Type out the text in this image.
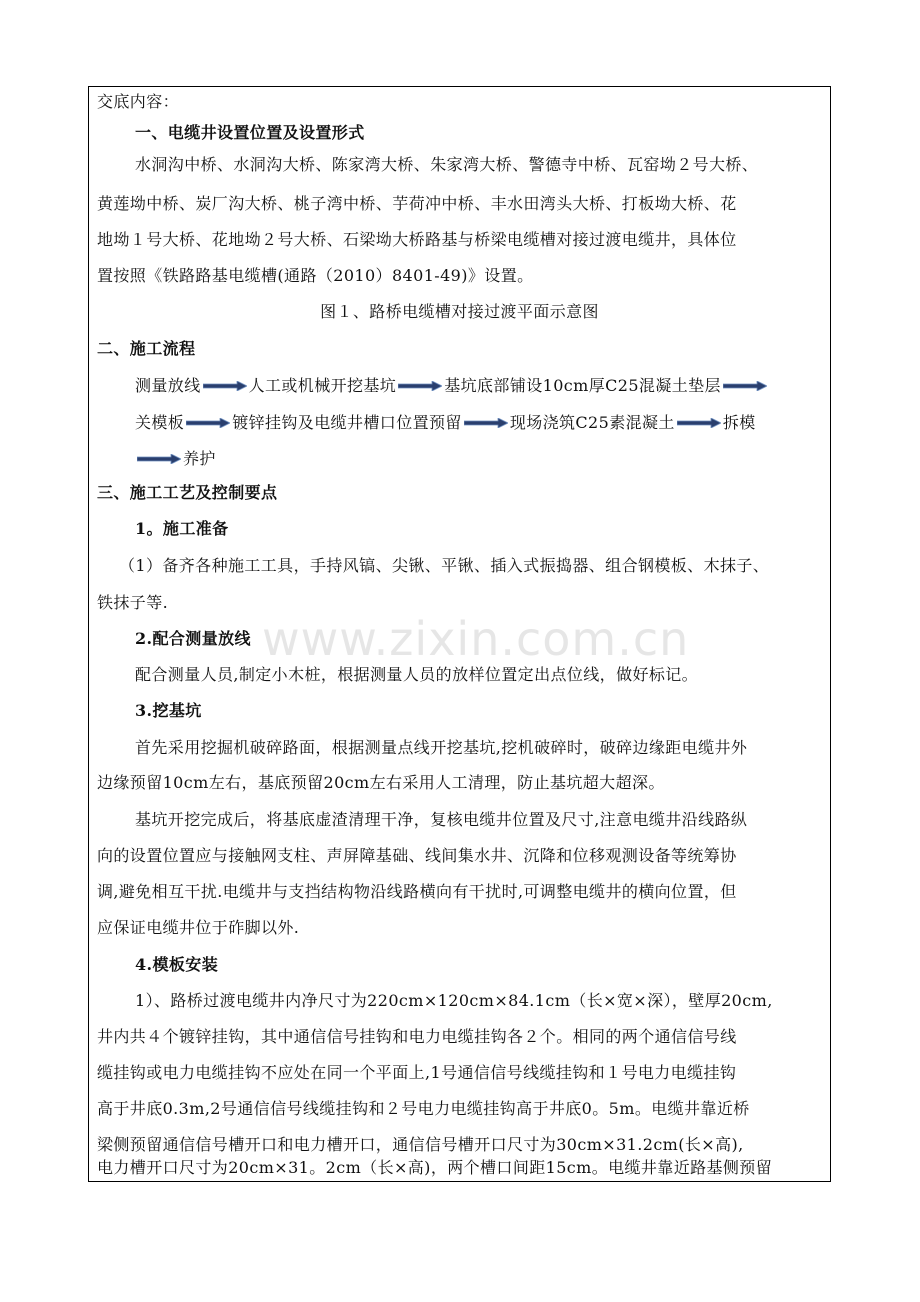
www.zixin.com.cn
交底内容：
一、电缆井设置位置及设置形式
水洞沟中桥、水洞沟大桥、陈家湾大桥、朱家湾大桥、警德寺中桥、瓦窑坳２号大桥、
黄莲坳中桥、炭厂沟大桥、桃子湾中桥、芋荷冲中桥、丰水田湾头大桥、打板坳大桥、花
地坳１号大桥、花地坳２号大桥、石梁坳大桥路基与桥梁电缆槽对接过渡电缆井，具体位
置按照《铁路路基电缆槽(通路（2010）8401-49)》设置。
图１、路桥电缆槽对接过渡平面示意图
二、施工流程
测量放线	人工或机械开挖基坑	基坑底部铺设10cm厚C25混凝土垫层
关模板	镀锌挂钩及电缆井槽口位置预留	现场浇筑C25素混凝土	拆模
养护
三、施工工艺及控制要点
1。施工准备
（1）备齐各种施工工具，手持风镐、尖锹、平锹、插入式振捣器、组合钢模板、木抹子、
铁抹子等.
2.配合测量放线
配合测量人员,制定小木桩，根据测量人员的放样位置定出点位线，做好标记。
3.挖基坑
首先采用挖掘机破碎路面，根据测量点线开挖基坑,挖机破碎时，破碎边缘距电缆井外
边缘预留10cm左右，基底预留20cm左右采用人工清理，防止基坑超大超深。
基坑开挖完成后，将基底虚渣清理干净，复核电缆井位置及尺寸,注意电缆井沿线路纵
向的设置位置应与接触网支柱、声屏障基础、线间集水井、沉降和位移观测设备等统筹协
调,避免相互干扰.电缆井与支挡结构物沿线路横向有干扰时,可调整电缆井的横向位置，但
应保证电缆井位于砟脚以外.
4.模板安装
1）、路桥过渡电缆井内净尺寸为220cm×120cm×84.1cm（长×宽×深），壁厚20cm,
井内共４个镀锌挂钩，其中通信信号挂钩和电力电缆挂钩各２个。相同的两个通信信号线
缆挂钩或电力电缆挂钩不应处在同一个平面上,1号通信信号线缆挂钩和１号电力电缆挂钩
高于井底0.3m,2号通信信号线缆挂钩和２号电力电缆挂钩高于井底0。5m。电缆井靠近桥
梁侧预留通信信号槽开口和电力槽开口，通信信号槽开口尺寸为30cm×31.2cm(长×高),
电力槽开口尺寸为20cm×31。2cm（长×高)，两个槽口间距15cm。电缆井靠近路基侧预留
